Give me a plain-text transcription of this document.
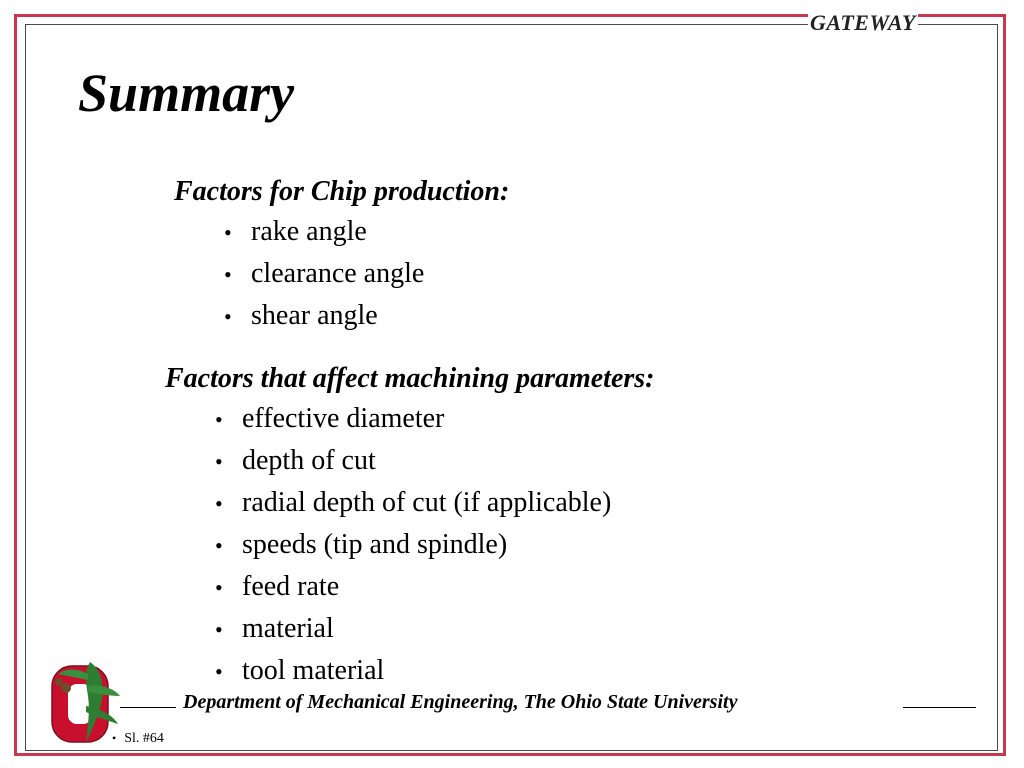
GATEWAY
Summary
Factors for Chip production:
• rake angle
• clearance angle
• shear angle
Factors that affect machining parameters:
• effective diameter
• depth of cut
• radial depth of cut (if applicable)
• speeds (tip and spindle)
• feed rate
• material
• tool material
Department of Mechanical Engineering, The Ohio State University
• Sl. #64
